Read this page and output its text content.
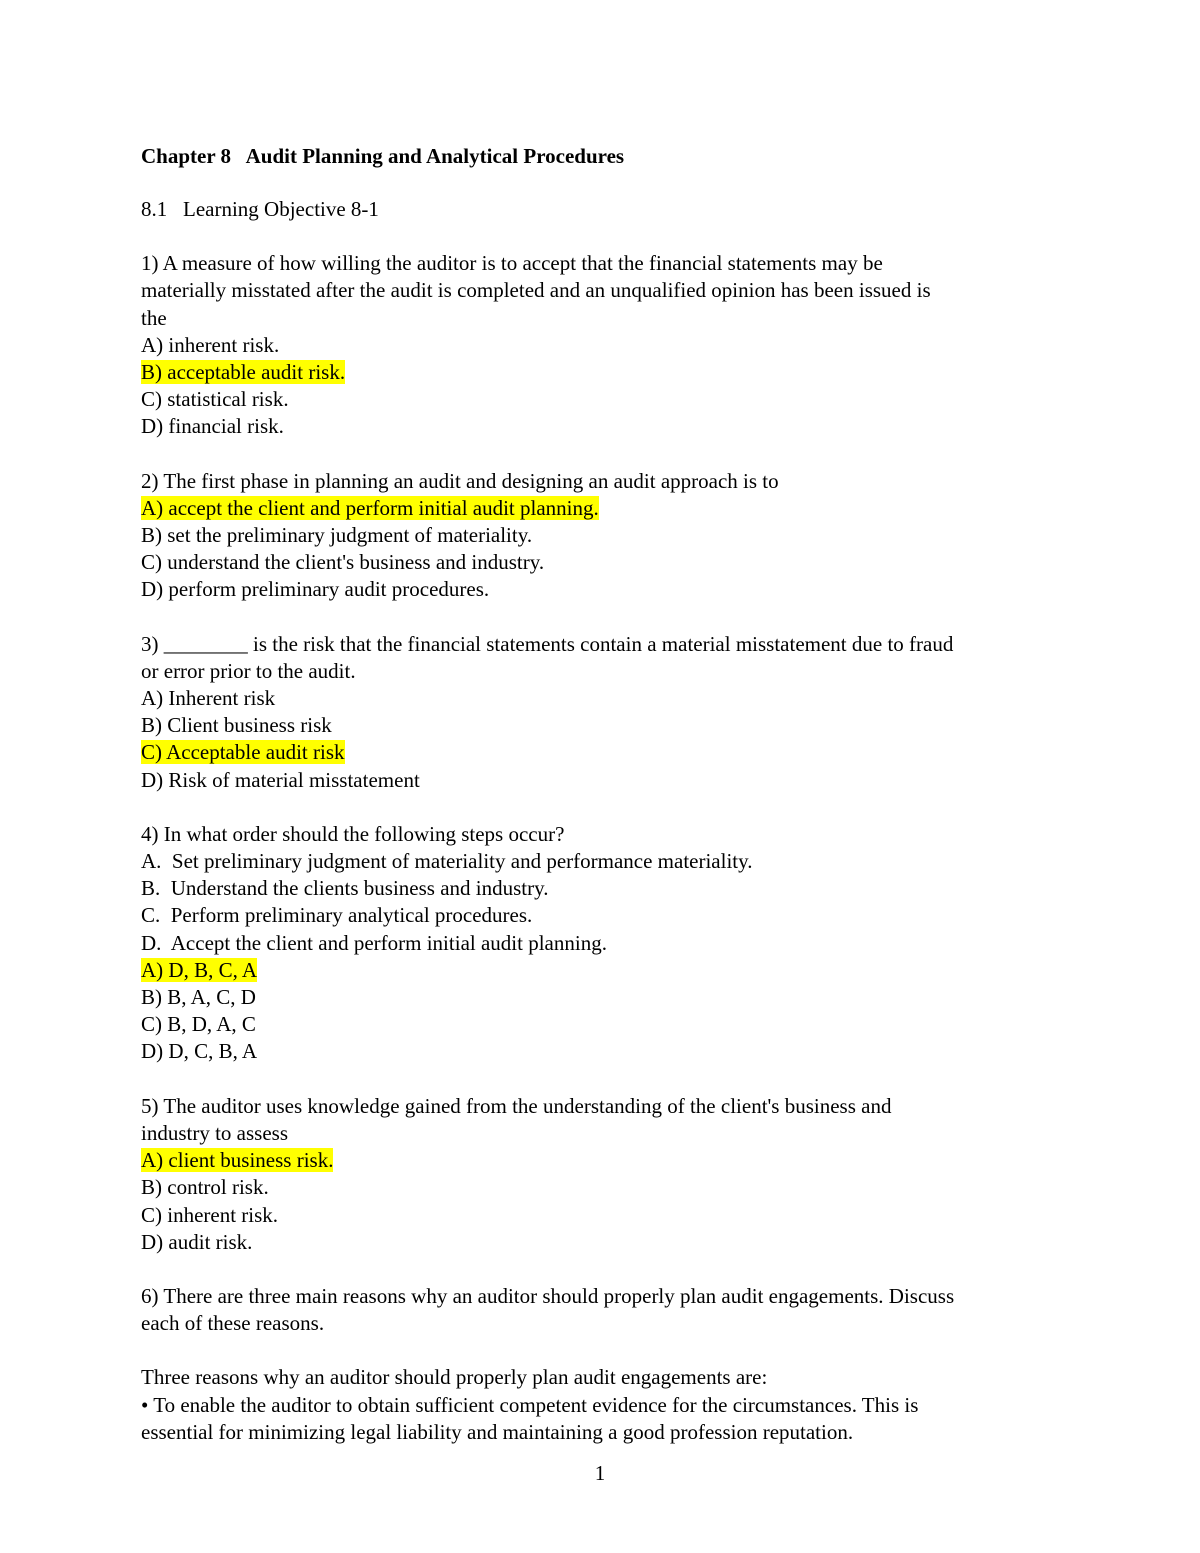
Chapter 8   Audit Planning and Analytical Procedures
8.1   Learning Objective 8-1
1) A measure of how willing the auditor is to accept that the financial statements may be
materially misstated after the audit is completed and an unqualified opinion has been issued is
the
A) inherent risk.
B) acceptable audit risk.
C) statistical risk.
D) financial risk.
2) The first phase in planning an audit and designing an audit approach is to
A) accept the client and perform initial audit planning.
B) set the preliminary judgment of materiality.
C) understand the client's business and industry.
D) perform preliminary audit procedures.
3) ________ is the risk that the financial statements contain a material misstatement due to fraud
or error prior to the audit.
A) Inherent risk
B) Client business risk
C) Acceptable audit risk
D) Risk of material misstatement
4) In what order should the following steps occur?
A.  Set preliminary judgment of materiality and performance materiality.
B.  Understand the clients business and industry.
C.  Perform preliminary analytical procedures.
D.  Accept the client and perform initial audit planning.
A) D, B, C, A
B) B, A, C, D
C) B, D, A, C
D) D, C, B, A
5) The auditor uses knowledge gained from the understanding of the client's business and
industry to assess
A) client business risk.
B) control risk.
C) inherent risk.
D) audit risk.
6) There are three main reasons why an auditor should properly plan audit engagements. Discuss
each of these reasons.
Three reasons why an auditor should properly plan audit engagements are:
• To enable the auditor to obtain sufficient competent evidence for the circumstances. This is
essential for minimizing legal liability and maintaining a good profession reputation.
1
